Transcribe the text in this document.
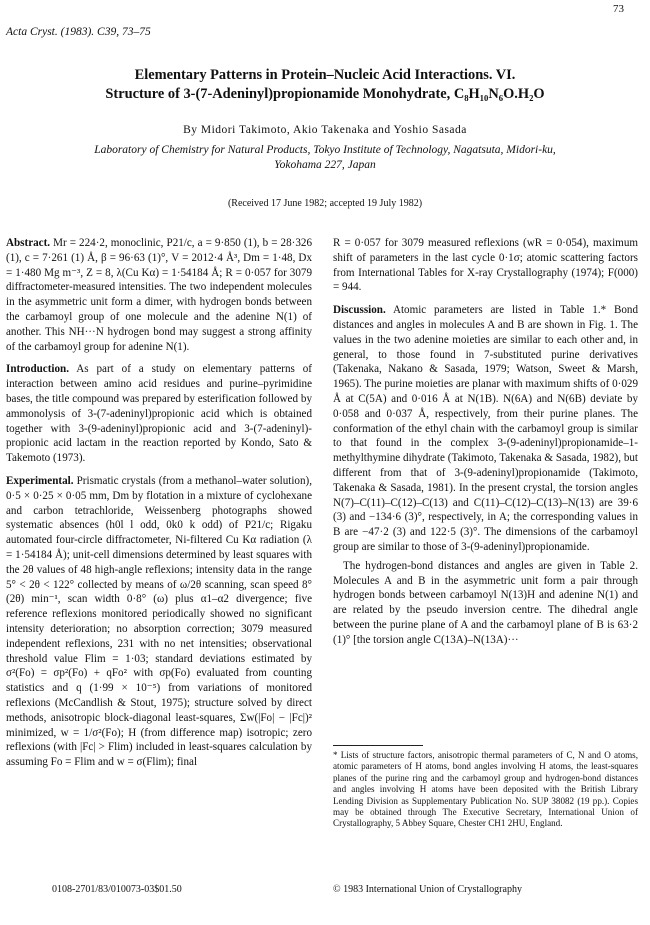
73
Acta Cryst. (1983). C39, 73–75
Elementary Patterns in Protein–Nucleic Acid Interactions. VI.
Structure of 3-(7-Adeninyl)propionamide Monohydrate, C₈H₁₀N₆O.H₂O
By Midori Takimoto, Akio Takenaka and Yoshio Sasada
Laboratory of Chemistry for Natural Products, Tokyo Institute of Technology, Nagatsuta, Midori-ku,
Yokohama 227, Japan
(Received 17 June 1982; accepted 19 July 1982)

Abstract. Mr = 224·2, monoclinic, P21/c, a = 9·850 (1), b = 28·326 (1), c = 7·261 (1) Å, β = 96·63 (1)°, V = 2012·4 Å³, Dm = 1·48, Dx = 1·480 Mg m⁻³, Z = 8, λ(Cu Kα) = 1·54184 Å; R = 0·057 for 3079 diffractometer-measured intensities. The two independent molecules in the asymmetric unit form a dimer, with hydrogen bonds between the carbamoyl group of one molecule and the adenine N(1) of another. This NH···N hydrogen bond may suggest a strong affinity of the carbamoyl group for adenine N(1).

Introduction. As part of a study on elementary patterns of interaction between amino acid residues and purine–pyrimidine bases, the title compound was prepared by esterification followed by ammonolysis of 3-(7-adeninyl)propionic acid which is obtained together with 3-(9-adeninyl)propionic acid and 3-(7-adeninyl)-propionic acid lactam in the reaction reported by Kondo, Sato & Takemoto (1973).

Experimental. Prismatic crystals (from a methanol–water solution), 0·5 × 0·25 × 0·05 mm, Dm by flotation in a mixture of cyclohexane and carbon tetrachloride, Weissenberg photographs showed systematic absences (h0l l odd, 0k0 k odd) of P21/c; Rigaku automated four-circle diffractometer, Ni-filtered Cu Kα radiation (λ = 1·54184 Å); unit-cell dimensions determined by least squares with the 2θ values of 48 high-angle reflexions; intensity data in the range 5° < 2θ < 122° collected by means of ω/2θ scanning, scan speed 8° (2θ) min⁻¹, scan width 0·8° (ω) plus α1–α2 divergence; five reference reflexions monitored periodically showed no significant intensity deterioration; no absorption correction; 3079 measured independent reflexions, 231 with no net intensities; observational threshold value Flim = 1·03; standard deviations estimated by σ²(Fo) = σp²(Fo) + qFo² with σp(Fo) evaluated from counting statistics and q (1·99 × 10⁻⁵) from variations of monitored reflexions (McCandlish & Stout, 1975); structure solved by direct methods, anisotropic block-diagonal least-squares, Σw(|Fo| − |Fc|)² minimized, w = 1/σ²(Fo); H (from difference map) isotropic; zero reflexions (with |Fc| > Flim) included in least-squares calculation by assuming Fo = Flim and w = σ(Flim); final

R = 0·057 for 3079 measured reflexions (wR = 0·054), maximum shift of parameters in the last cycle 0·1σ; atomic scattering factors from International Tables for X-ray Crystallography (1974); F(000) = 944.

Discussion. Atomic parameters are listed in Table 1.* Bond distances and angles in molecules A and B are shown in Fig. 1. The values in the two adenine moieties are similar to each other and, in general, to those found in 7-substituted purine derivatives (Takenaka, Nakano & Sasada, 1979; Watson, Sweet & Marsh, 1965). The purine moieties are planar with maximum shifts of 0·029 Å at C(5A) and 0·016 Å at N(1B). N(6A) and N(6B) deviate by 0·058 and 0·037 Å, respectively, from their purine planes. The conformation of the ethyl chain with the carbamoyl group is similar to that found in the complex 3-(9-adeninyl)propionamide–1-methylthymine dihydrate (Takimoto, Takenaka & Sasada, 1982), but different from that of 3-(9-adeninyl)propionamide (Takimoto, Takenaka & Sasada, 1981). In the present crystal, the torsion angles N(7)–C(11)–C(12)–C(13) and C(11)–C(12)–C(13)–N(13) are 39·6 (3) and −134·6 (3)°, respectively, in A; the corresponding values in B are −47·2 (3) and 122·5 (3)°. The dimensions of the carbamoyl group are similar to those of 3-(9-adeninyl)propionamide.

The hydrogen-bond distances and angles are given in Table 2. Molecules A and B in the asymmetric unit form a pair through hydrogen bonds between carbamoyl N(13)H and adenine N(1) and are related by the pseudo inversion centre. The dihedral angle between the purine plane of A and the carbamoyl plane of B is 63·2 (1)° [the torsion angle C(13A)–N(13A)···

* Lists of structure factors, anisotropic thermal parameters of C, N and O atoms, atomic parameters of H atoms, bond angles involving H atoms, the least-squares planes of the purine ring and the carbamoyl group and hydrogen-bond distances and angles involving H atoms have been deposited with the British Library Lending Division as Supplementary Publication No. SUP 38082 (19 pp.). Copies may be obtained through The Executive Secretary, International Union of Crystallography, 5 Abbey Square, Chester CH1 2HU, England.
0108-2701/83/010073-03$01.50	© 1983 International Union of Crystallography
